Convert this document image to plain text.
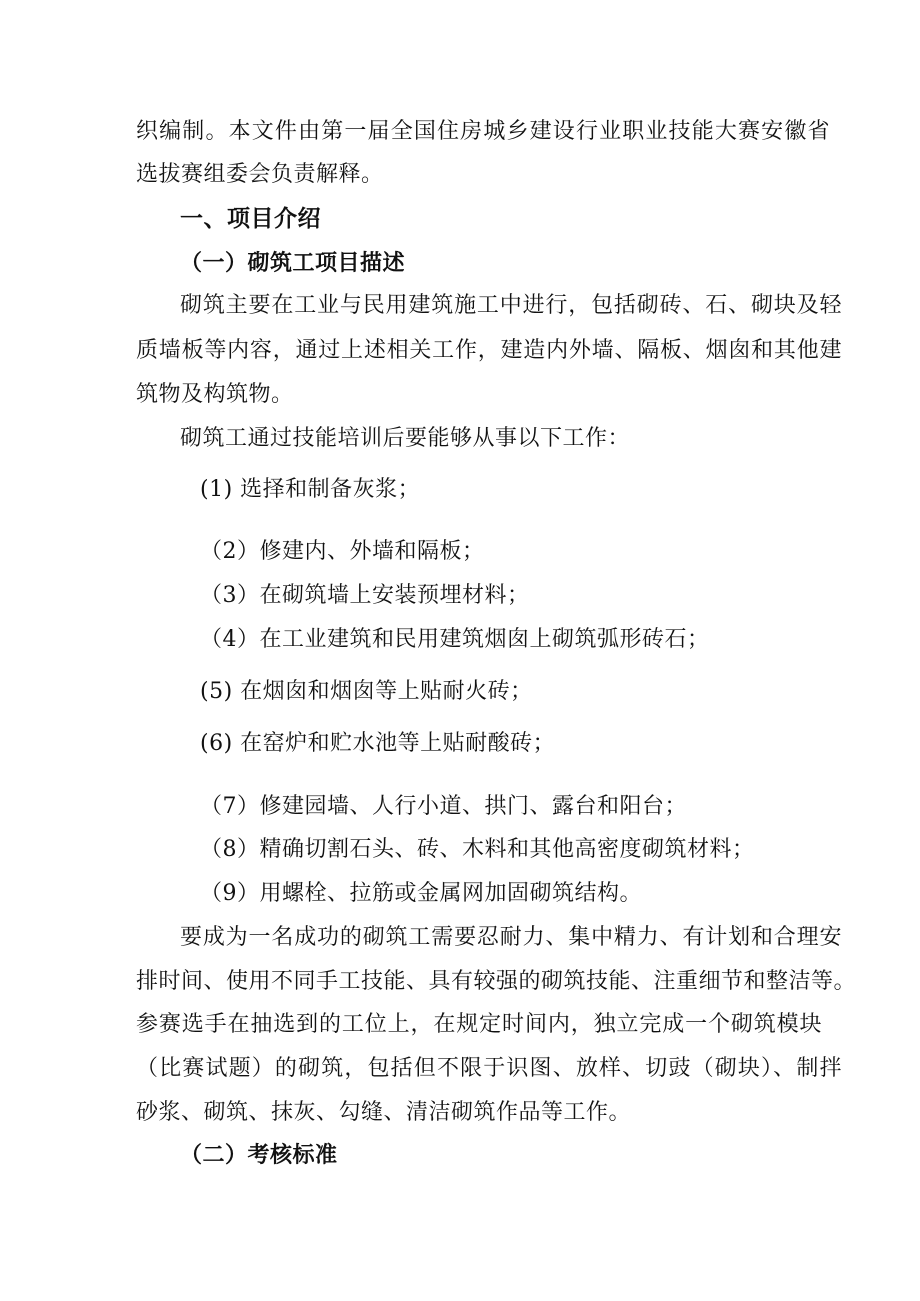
织编制。本文件由第一届全国住房城乡建设行业职业技能大赛安徽省
选拔赛组委会负责解释。
一、项目介绍
（一）砌筑工项目描述
砌筑主要在工业与民用建筑施工中进行，包括砌砖、石、砌块及轻
质墙板等内容，通过上述相关工作，建造内外墙、隔板、烟囱和其他建
筑物及构筑物。
砌筑工通过技能培训后要能够从事以下工作：
(1) 选择和制备灰浆；
（2）修建内、外墙和隔板；
（3）在砌筑墙上安装预埋材料；
（4）在工业建筑和民用建筑烟囱上砌筑弧形砖石；
(5) 在烟囱和烟囱等上贴耐火砖；
(6) 在窑炉和贮水池等上贴耐酸砖；
（7）修建园墙、人行小道、拱门、露台和阳台；
（8）精确切割石头、砖、木料和其他高密度砌筑材料；
（9）用螺栓、拉筋或金属网加固砌筑结构。
要成为一名成功的砌筑工需要忍耐力、集中精力、有计划和合理安
排时间、使用不同手工技能、具有较强的砌筑技能、注重细节和整洁等。
参赛选手在抽选到的工位上，在规定时间内，独立完成一个砌筑模块
（比赛试题）的砌筑，包括但不限于识图、放样、切豉（砌块）、制拌
砂浆、砌筑、抹灰、勾缝、清洁砌筑作品等工作。
（二）考核标准
